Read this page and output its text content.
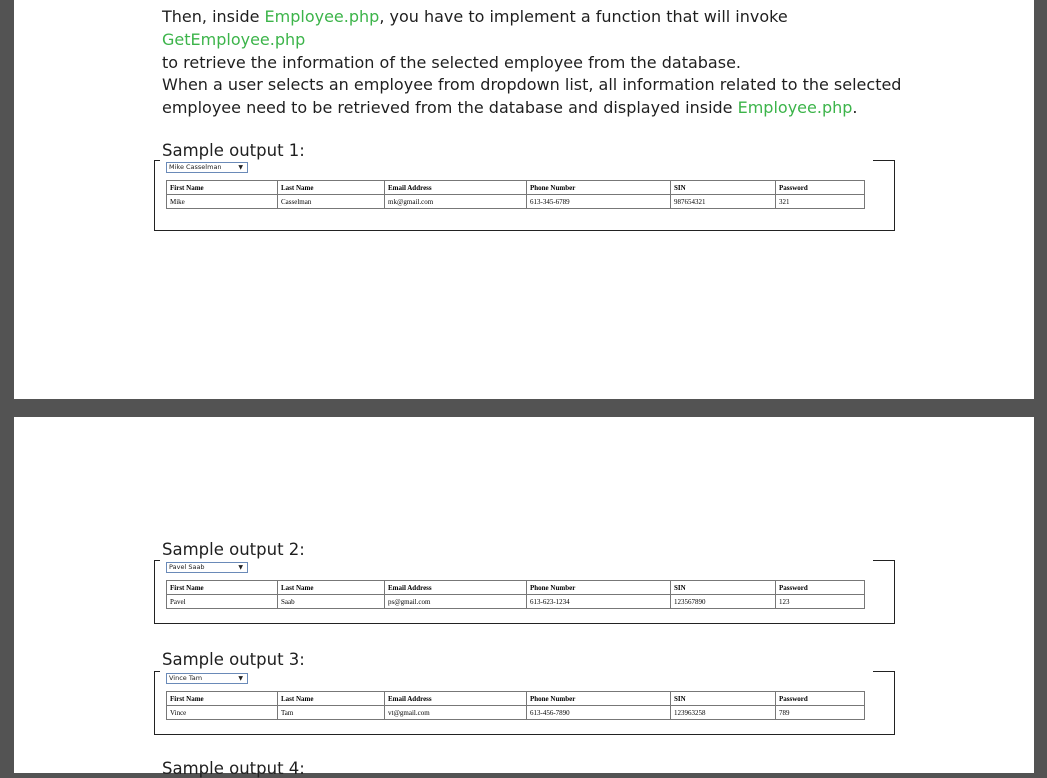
Then, inside Employee.php, you have to implement a function that will invoke GetEmployee.php
to retrieve the information of the selected employee from the database.

When a user selects an employee from dropdown list, all information related to the selected employee need to be retrieved from the database and displayed inside Employee.php.

Sample output 1:
Mike Casselman	▼
First Name	Last Name	Email Address	Phone Number	SIN	Password
Mike	Casselman	mk@gmail.com	613-345-6789	987654321	321
Sample output 2:
Pavel Saab	▼
First Name	Last Name	Email Address	Phone Number	SIN	Password
Pavel	Saab	ps@gmail.com	613-623-1234	123567890	123
Sample output 3:
Vince Tam	▼
First Name	Last Name	Email Address	Phone Number	SIN	Password
Vince	Tam	vt@gmail.com	613-456-7890	123963258	789
Sample output 4:
